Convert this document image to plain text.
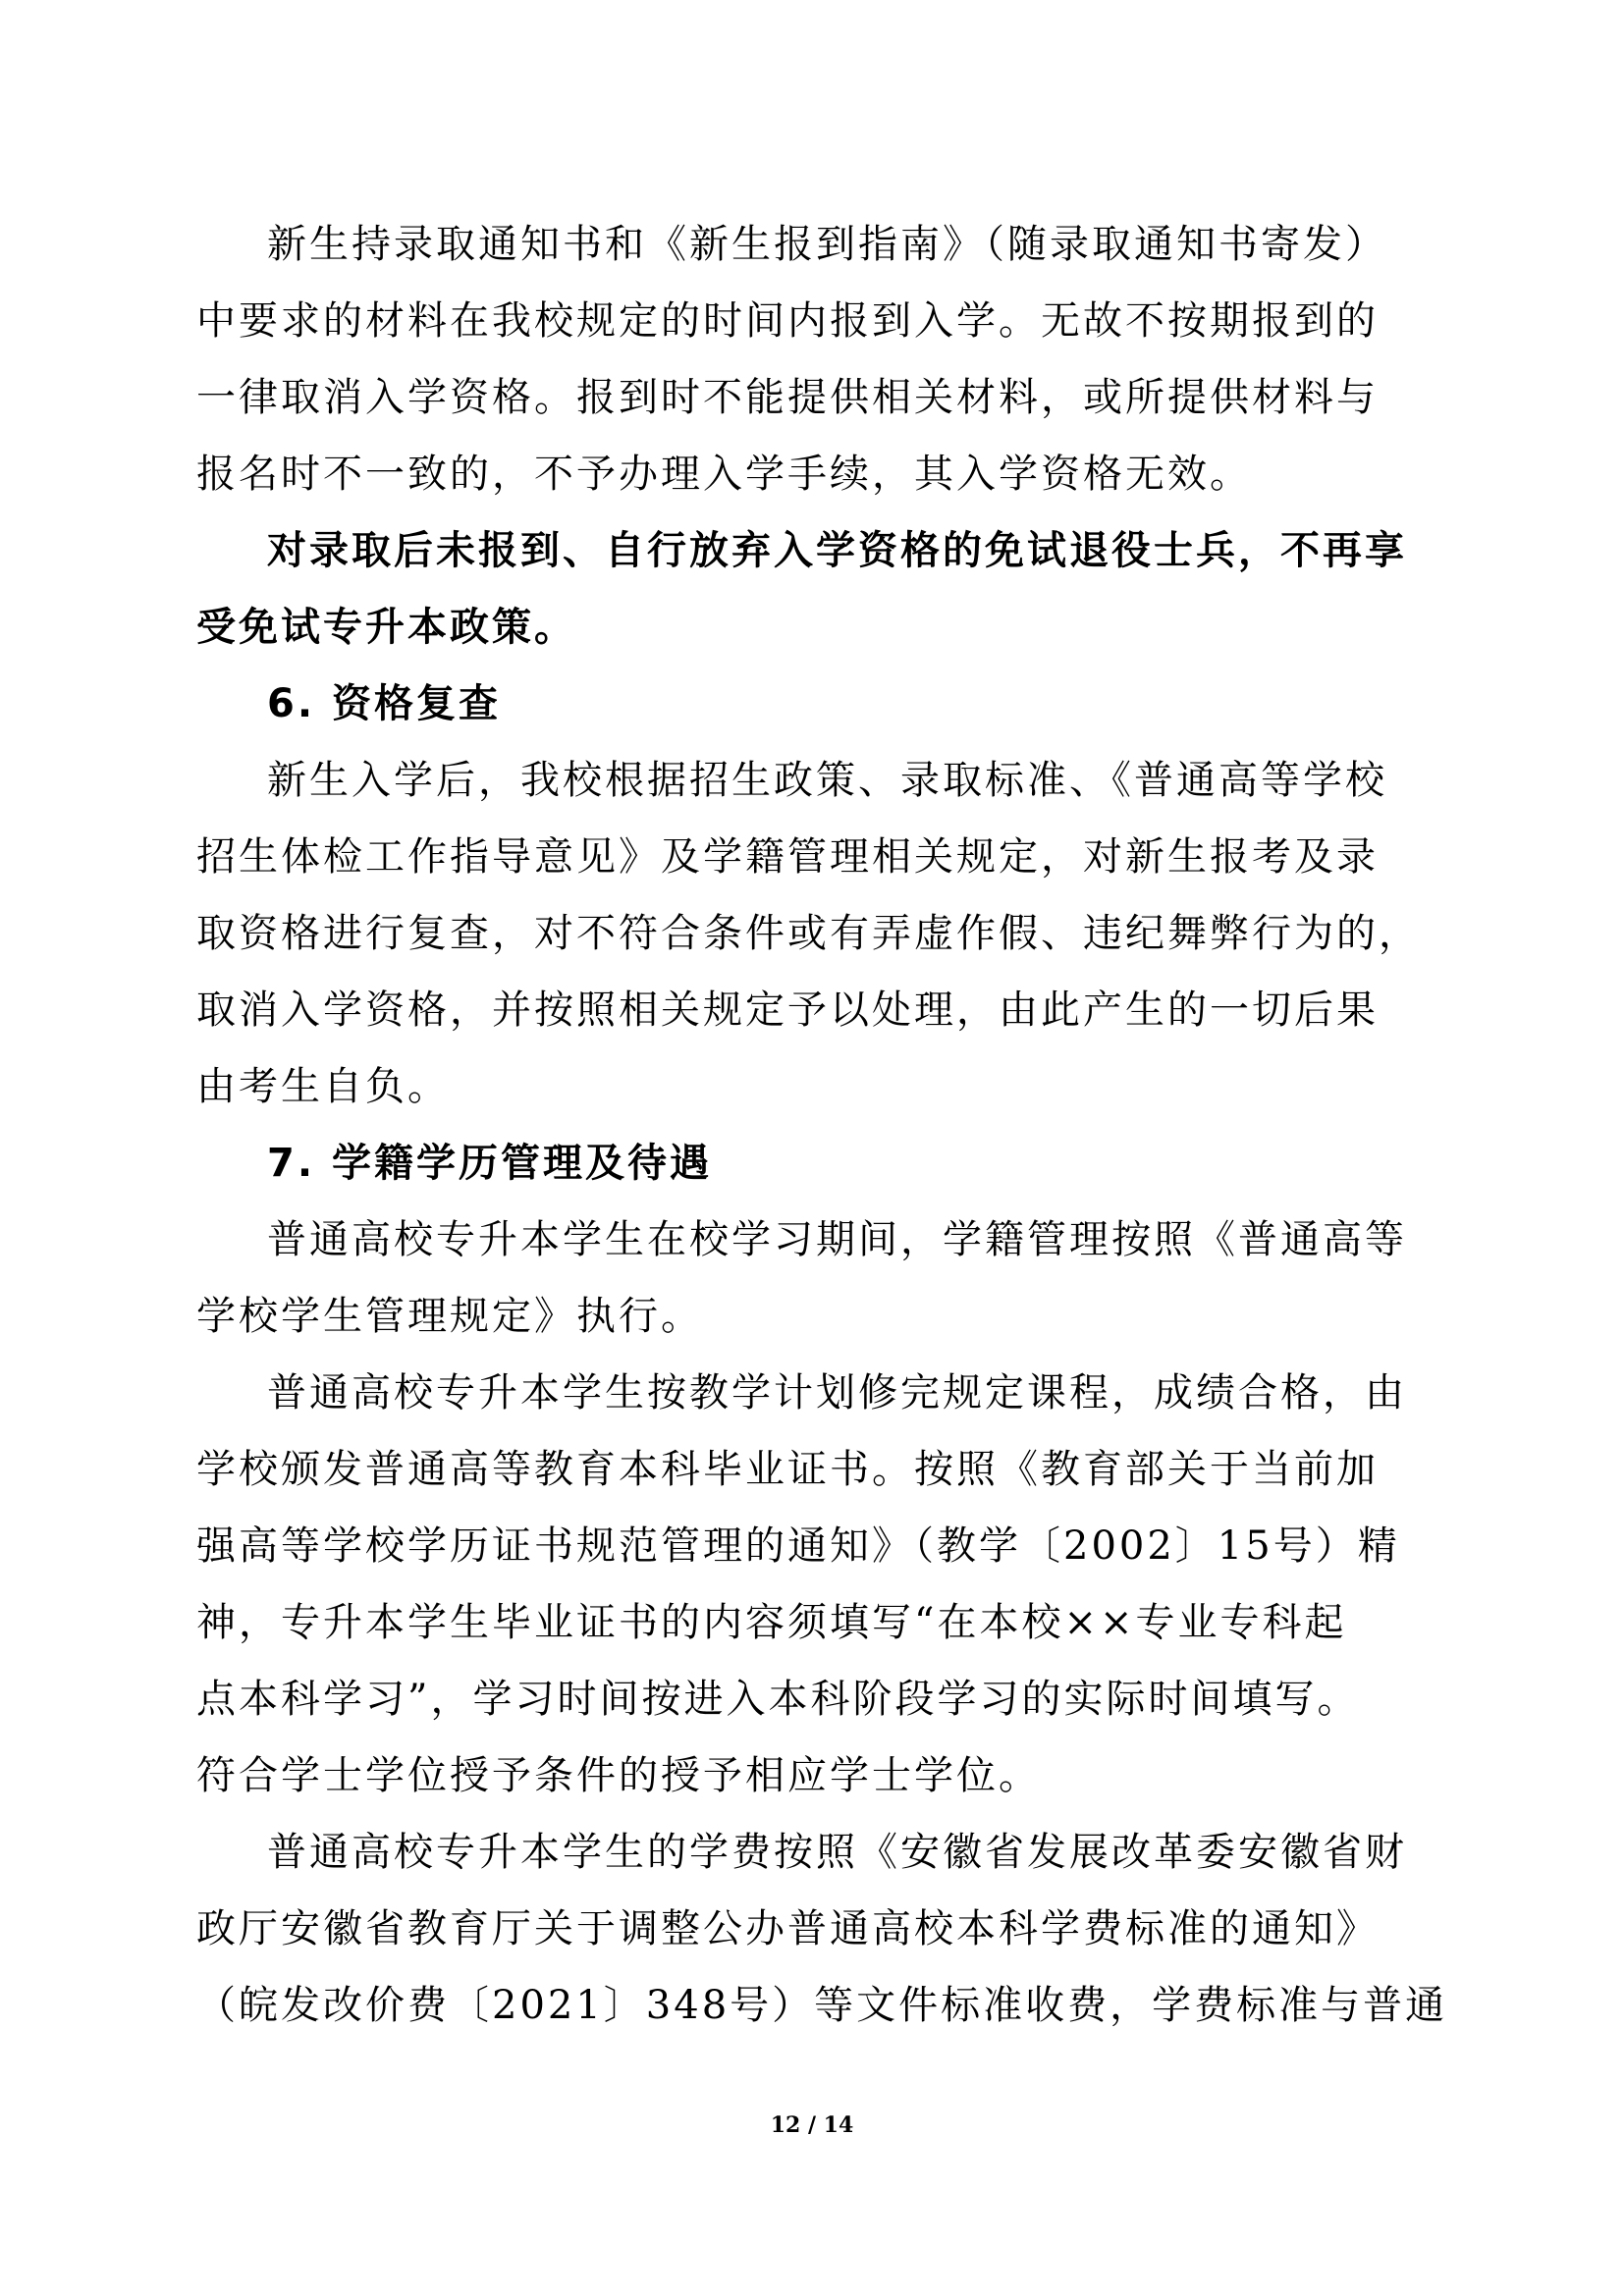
新生持录取通知书和《新生报到指南》（随录取通知书寄发）
中要求的材料在我校规定的时间内报到入学。无故不按期报到的
一律取消入学资格。报到时不能提供相关材料，或所提供材料与
报名时不一致的，不予办理入学手续，其入学资格无效。
对录取后未报到、自行放弃入学资格的免试退役士兵，不再享
受免试专升本政策。
6. 资格复查
新生入学后，我校根据招生政策、录取标准、《普通高等学校
招生体检工作指导意见》及学籍管理相关规定，对新生报考及录
取资格进行复查，对不符合条件或有弄虚作假、违纪舞弊行为的，
取消入学资格，并按照相关规定予以处理，由此产生的一切后果
由考生自负。
7. 学籍学历管理及待遇
普通高校专升本学生在校学习期间，学籍管理按照《普通高等
学校学生管理规定》执行。
普通高校专升本学生按教学计划修完规定课程，成绩合格，由
学校颁发普通高等教育本科毕业证书。按照《教育部关于当前加
强高等学校学历证书规范管理的通知》（教学〔2002〕15号）精
神，专升本学生毕业证书的内容须填写“在本校××专业专科起
点本科学习”，学习时间按进入本科阶段学习的实际时间填写。
符合学士学位授予条件的授予相应学士学位。
普通高校专升本学生的学费按照《安徽省发展改革委安徽省财
政厅安徽省教育厅关于调整公办普通高校本科学费标准的通知》
（皖发改价费〔2021〕348号）等文件标准收费，学费标准与普通
12 / 14
